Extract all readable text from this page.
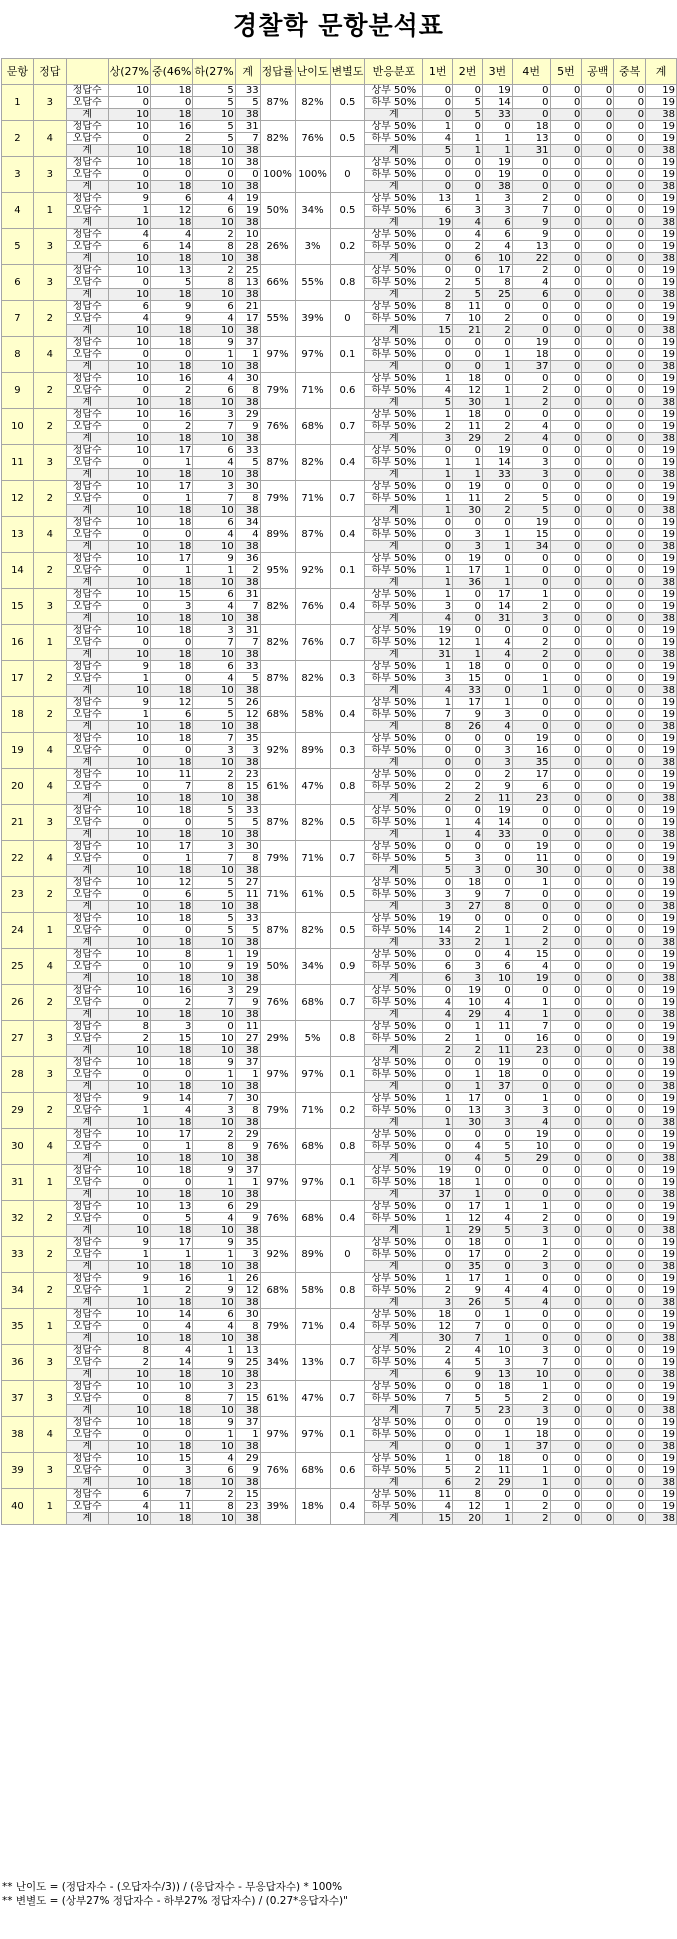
경찰학 문항분석표
문항	정답		상(27%	중(46%	하(27%	계	정답률	난이도	변별도	반응분포	1번	2번	3번	4번	5번	공백	중복	계
1	3	정답수	10	18	5	33	87%	82%	0.5	상부 50%	0	0	19	0	0	0	0	19
		오답수	0	0	5	5				하부 50%	0	5	14	0	0	0	0	19
		계	10	18	10	38				계	0	5	33	0	0	0	0	38
2	4	정답수	10	16	5	31	82%	76%	0.5	상부 50%	1	0	0	18	0	0	0	19
		오답수	0	2	5	7				하부 50%	4	1	1	13	0	0	0	19
		계	10	18	10	38				계	5	1	1	31	0	0	0	38
3	3	정답수	10	18	10	38	100%	100%	0	상부 50%	0	0	19	0	0	0	0	19
		오답수	0	0	0	0				하부 50%	0	0	19	0	0	0	0	19
		계	10	18	10	38				계	0	0	38	0	0	0	0	38
4	1	정답수	9	6	4	19	50%	34%	0.5	상부 50%	13	1	3	2	0	0	0	19
		오답수	1	12	6	19				하부 50%	6	3	3	7	0	0	0	19
		계	10	18	10	38				계	19	4	6	9	0	0	0	38
5	3	정답수	4	4	2	10	26%	3%	0.2	상부 50%	0	4	6	9	0	0	0	19
		오답수	6	14	8	28				하부 50%	0	2	4	13	0	0	0	19
		계	10	18	10	38				계	0	6	10	22	0	0	0	38
6	3	정답수	10	13	2	25	66%	55%	0.8	상부 50%	0	0	17	2	0	0	0	19
		오답수	0	5	8	13				하부 50%	2	5	8	4	0	0	0	19
		계	10	18	10	38				계	2	5	25	6	0	0	0	38
7	2	정답수	6	9	6	21	55%	39%	0	상부 50%	8	11	0	0	0	0	0	19
		오답수	4	9	4	17				하부 50%	7	10	2	0	0	0	0	19
		계	10	18	10	38				계	15	21	2	0	0	0	0	38
8	4	정답수	10	18	9	37	97%	97%	0.1	상부 50%	0	0	0	19	0	0	0	19
		오답수	0	0	1	1				하부 50%	0	0	1	18	0	0	0	19
		계	10	18	10	38				계	0	0	1	37	0	0	0	38
9	2	정답수	10	16	4	30	79%	71%	0.6	상부 50%	1	18	0	0	0	0	0	19
		오답수	0	2	6	8				하부 50%	4	12	1	2	0	0	0	19
		계	10	18	10	38				계	5	30	1	2	0	0	0	38
10	2	정답수	10	16	3	29	76%	68%	0.7	상부 50%	1	18	0	0	0	0	0	19
		오답수	0	2	7	9				하부 50%	2	11	2	4	0	0	0	19
		계	10	18	10	38				계	3	29	2	4	0	0	0	38
11	3	정답수	10	17	6	33	87%	82%	0.4	상부 50%	0	0	19	0	0	0	0	19
		오답수	0	1	4	5				하부 50%	1	1	14	3	0	0	0	19
		계	10	18	10	38				계	1	1	33	3	0	0	0	38
12	2	정답수	10	17	3	30	79%	71%	0.7	상부 50%	0	19	0	0	0	0	0	19
		오답수	0	1	7	8				하부 50%	1	11	2	5	0	0	0	19
		계	10	18	10	38				계	1	30	2	5	0	0	0	38
13	4	정답수	10	18	6	34	89%	87%	0.4	상부 50%	0	0	0	19	0	0	0	19
		오답수	0	0	4	4				하부 50%	0	3	1	15	0	0	0	19
		계	10	18	10	38				계	0	3	1	34	0	0	0	38
14	2	정답수	10	17	9	36	95%	92%	0.1	상부 50%	0	19	0	0	0	0	0	19
		오답수	0	1	1	2				하부 50%	1	17	1	0	0	0	0	19
		계	10	18	10	38				계	1	36	1	0	0	0	0	38
15	3	정답수	10	15	6	31	82%	76%	0.4	상부 50%	1	0	17	1	0	0	0	19
		오답수	0	3	4	7				하부 50%	3	0	14	2	0	0	0	19
		계	10	18	10	38				계	4	0	31	3	0	0	0	38
16	1	정답수	10	18	3	31	82%	76%	0.7	상부 50%	19	0	0	0	0	0	0	19
		오답수	0	0	7	7				하부 50%	12	1	4	2	0	0	0	19
		계	10	18	10	38				계	31	1	4	2	0	0	0	38
17	2	정답수	9	18	6	33	87%	82%	0.3	상부 50%	1	18	0	0	0	0	0	19
		오답수	1	0	4	5				하부 50%	3	15	0	1	0	0	0	19
		계	10	18	10	38				계	4	33	0	1	0	0	0	38
18	2	정답수	9	12	5	26	68%	58%	0.4	상부 50%	1	17	1	0	0	0	0	19
		오답수	1	6	5	12				하부 50%	7	9	3	0	0	0	0	19
		계	10	18	10	38				계	8	26	4	0	0	0	0	38
19	4	정답수	10	18	7	35	92%	89%	0.3	상부 50%	0	0	0	19	0	0	0	19
		오답수	0	0	3	3				하부 50%	0	0	3	16	0	0	0	19
		계	10	18	10	38				계	0	0	3	35	0	0	0	38
20	4	정답수	10	11	2	23	61%	47%	0.8	상부 50%	0	0	2	17	0	0	0	19
		오답수	0	7	8	15				하부 50%	2	2	9	6	0	0	0	19
		계	10	18	10	38				계	2	2	11	23	0	0	0	38
21	3	정답수	10	18	5	33	87%	82%	0.5	상부 50%	0	0	19	0	0	0	0	19
		오답수	0	0	5	5				하부 50%	1	4	14	0	0	0	0	19
		계	10	18	10	38				계	1	4	33	0	0	0	0	38
22	4	정답수	10	17	3	30	79%	71%	0.7	상부 50%	0	0	0	19	0	0	0	19
		오답수	0	1	7	8				하부 50%	5	3	0	11	0	0	0	19
		계	10	18	10	38				계	5	3	0	30	0	0	0	38
23	2	정답수	10	12	5	27	71%	61%	0.5	상부 50%	0	18	0	1	0	0	0	19
		오답수	0	6	5	11				하부 50%	3	9	7	0	0	0	0	19
		계	10	18	10	38				계	3	27	8	0	0	0	0	38
24	1	정답수	10	18	5	33	87%	82%	0.5	상부 50%	19	0	0	0	0	0	0	19
		오답수	0	0	5	5				하부 50%	14	2	1	2	0	0	0	19
		계	10	18	10	38				계	33	2	1	2	0	0	0	38
25	4	정답수	10	8	1	19	50%	34%	0.9	상부 50%	0	0	4	15	0	0	0	19
		오답수	0	10	9	19				하부 50%	6	3	6	4	0	0	0	19
		계	10	18	10	38				계	6	3	10	19	0	0	0	38
26	2	정답수	10	16	3	29	76%	68%	0.7	상부 50%	0	19	0	0	0	0	0	19
		오답수	0	2	7	9				하부 50%	4	10	4	1	0	0	0	19
		계	10	18	10	38				계	4	29	4	1	0	0	0	38
27	3	정답수	8	3	0	11	29%	5%	0.8	상부 50%	0	1	11	7	0	0	0	19
		오답수	2	15	10	27				하부 50%	2	1	0	16	0	0	0	19
		계	10	18	10	38				계	2	2	11	23	0	0	0	38
28	3	정답수	10	18	9	37	97%	97%	0.1	상부 50%	0	0	19	0	0	0	0	19
		오답수	0	0	1	1				하부 50%	0	1	18	0	0	0	0	19
		계	10	18	10	38				계	0	1	37	0	0	0	0	38
29	2	정답수	9	14	7	30	79%	71%	0.2	상부 50%	1	17	0	1	0	0	0	19
		오답수	1	4	3	8				하부 50%	0	13	3	3	0	0	0	19
		계	10	18	10	38				계	1	30	3	4	0	0	0	38
30	4	정답수	10	17	2	29	76%	68%	0.8	상부 50%	0	0	0	19	0	0	0	19
		오답수	0	1	8	9				하부 50%	0	4	5	10	0	0	0	19
		계	10	18	10	38				계	0	4	5	29	0	0	0	38
31	1	정답수	10	18	9	37	97%	97%	0.1	상부 50%	19	0	0	0	0	0	0	19
		오답수	0	0	1	1				하부 50%	18	1	0	0	0	0	0	19
		계	10	18	10	38				계	37	1	0	0	0	0	0	38
32	2	정답수	10	13	6	29	76%	68%	0.4	상부 50%	0	17	1	1	0	0	0	19
		오답수	0	5	4	9				하부 50%	1	12	4	2	0	0	0	19
		계	10	18	10	38				계	1	29	5	3	0	0	0	38
33	2	정답수	9	17	9	35	92%	89%	0	상부 50%	0	18	0	1	0	0	0	19
		오답수	1	1	1	3				하부 50%	0	17	0	2	0	0	0	19
		계	10	18	10	38				계	0	35	0	3	0	0	0	38
34	2	정답수	9	16	1	26	68%	58%	0.8	상부 50%	1	17	1	0	0	0	0	19
		오답수	1	2	9	12				하부 50%	2	9	4	4	0	0	0	19
		계	10	18	10	38				계	3	26	5	4	0	0	0	38
35	1	정답수	10	14	6	30	79%	71%	0.4	상부 50%	18	0	1	0	0	0	0	19
		오답수	0	4	4	8				하부 50%	12	7	0	0	0	0	0	19
		계	10	18	10	38				계	30	7	1	0	0	0	0	38
36	3	정답수	8	4	1	13	34%	13%	0.7	상부 50%	2	4	10	3	0	0	0	19
		오답수	2	14	9	25				하부 50%	4	5	3	7	0	0	0	19
		계	10	18	10	38				계	6	9	13	10	0	0	0	38
37	3	정답수	10	10	3	23	61%	47%	0.7	상부 50%	0	0	18	1	0	0	0	19
		오답수	0	8	7	15				하부 50%	7	5	5	2	0	0	0	19
		계	10	18	10	38				계	7	5	23	3	0	0	0	38
38	4	정답수	10	18	9	37	97%	97%	0.1	상부 50%	0	0	0	19	0	0	0	19
		오답수	0	0	1	1				하부 50%	0	0	1	18	0	0	0	19
		계	10	18	10	38				계	0	0	1	37	0	0	0	38
39	3	정답수	10	15	4	29	76%	68%	0.6	상부 50%	1	0	18	0	0	0	0	19
		오답수	0	3	6	9				하부 50%	5	2	11	1	0	0	0	19
		계	10	18	10	38				계	6	2	29	1	0	0	0	38
40	1	정답수	6	7	2	15	39%	18%	0.4	상부 50%	11	8	0	0	0	0	0	19
		오답수	4	11	8	23				하부 50%	4	12	1	2	0	0	0	19
		계	10	18	10	38				계	15	20	1	2	0	0	0	38
** 난이도 = (정답자수 - (오답자수/3)) / (응답자수 - 무응답자수) * 100%
** 변별도 = (상부27% 정답자수 - 하부27% 정답자수) / (0.27*응답자수)"
